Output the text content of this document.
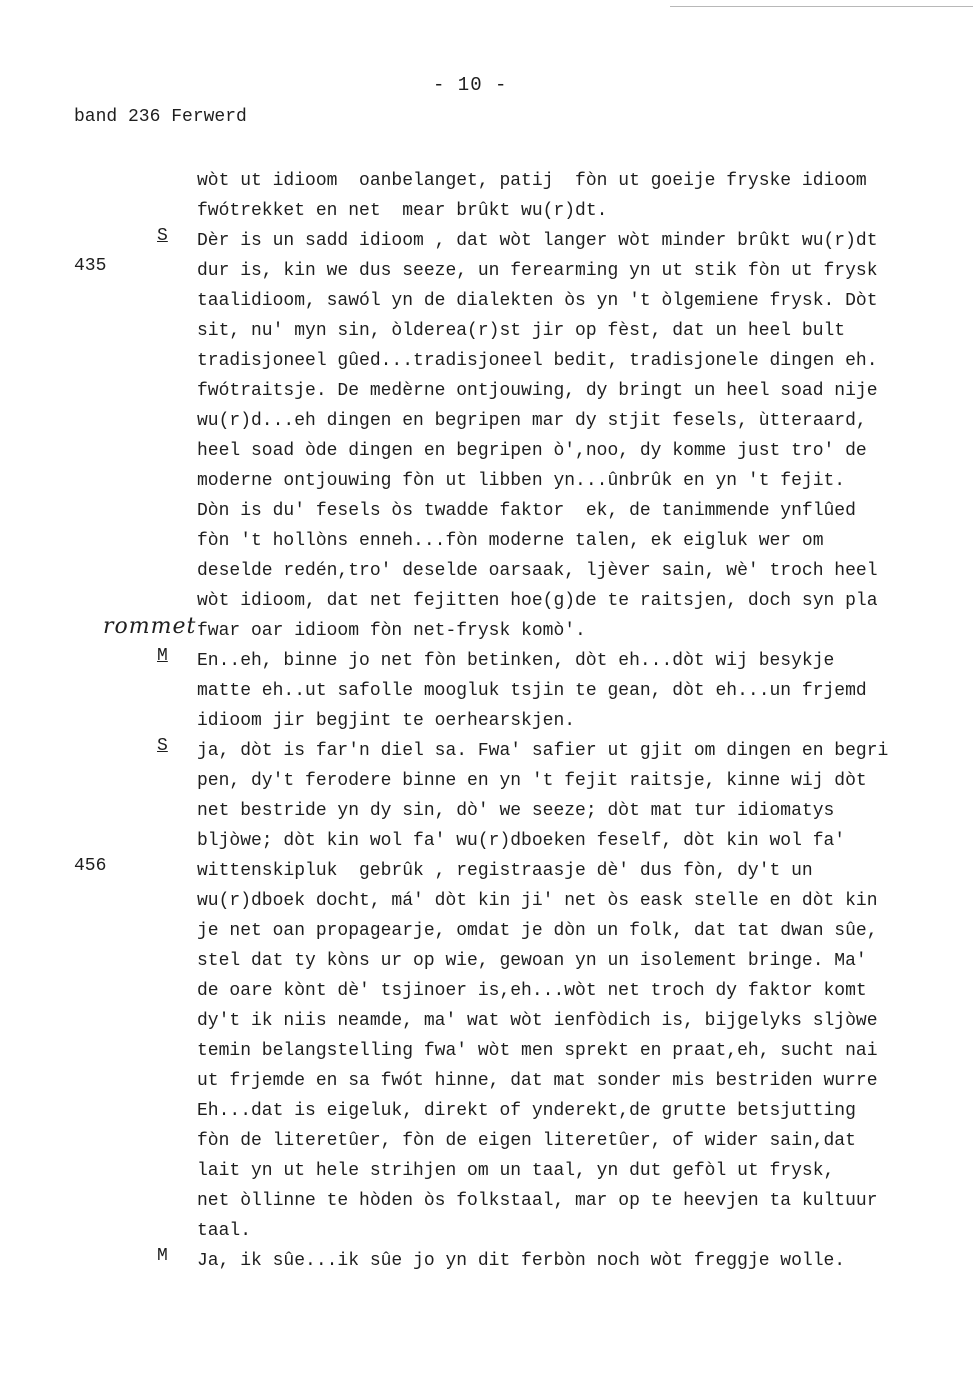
- 10 -
band 236 Ferwerd
wòt ut idioom  oanbelanget, patij  fòn ut goeije fryske idioom
fwótrekket en net  mear brûkt wu(r)dt.
S	Dèr is un sadd idioom , dat wòt langer wòt minder brûkt wu(r)dt
435	dur is, kin we dus seeze, un ferearming yn ut stik fòn ut frysk
taalidioom, sawól yn de dialekten òs yn 't òlgemiene frysk. Dòt
sit, nu' myn sin, òlderea(r)st jir op fèst, dat un heel bult
tradisjoneel gûed...tradisjoneel bedit, tradisjonele dingen eh.
fwótraitsje. De medèrne ontjouwing, dy bringt un heel soad nije
wu(r)d...eh dingen en begripen mar dy stjit fesels, ùtteraard,
heel soad òde dingen en begripen ò',noo, dy komme just tro' de
moderne ontjouwing fòn ut libben yn...ûnbrûk en yn 't fejit.
Dòn is du' fesels òs twadde faktor  ek, de tanimmende ynflûed
fòn 't hollòns enneh...fòn moderne talen, ek eigluk wer om
deselde redén,tro' deselde oarsaak, ljèver sain, wè' troch heel
wòt idioom, dat net fejitten hoe(g)de te raitsjen, doch syn pla
rommet fwar oar idioom fòn net-frysk komò'.
M	En..eh, binne jo net fòn betinken, dòt eh...dòt wij besykje
matte eh..ut safolle moogluk tsjin te gean, dòt eh...un frjemd
idioom jir begjint te oerhearskjen.
S	ja, dòt is far'n diel sa. Fwa' safier ut gjit om dingen en begri
pen, dy't ferodere binne en yn 't fejit raitsje, kinne wij dòt
net bestride yn dy sin, dò' we seeze; dòt mat tur idiomatys
bljòwe; dòt kin wol fa' wu(r)dboeken feself, dòt kin wol fa'
456	wittenskipluk  gebrûk , registraasje dè' dus fòn, dy't un
wu(r)dboek docht, má' dòt kin ji' net òs eask stelle en dòt kin
je net oan propagearje, omdat je dòn un folk, dat tat dwan sûe,
stel dat ty kòns ur op wie, gewoan yn un isolement bringe. Ma'
de oare kònt dè' tsjinoer is,eh...wòt net troch dy faktor komt
dy't ik niis neamde, ma' wat wòt ienfòdich is, bijgelyks sljòwe
temin belangstelling fwa' wòt men sprekt en praat,eh, sucht nai
ut frjemde en sa fwót hinne, dat mat sonder mis bestriden wurre
Eh...dat is eigeluk, direkt of ynderekt,de grutte betsjutting
fòn de literetûer, fòn de eigen literetûer, of wider sain,dat
lait yn ut hele strihjen om un taal, yn dut gefòl ut frysk,
net òllinne te hòden òs folkstaal, mar op te heevjen ta kultuur
taal.
M	Ja, ik sûe...ik sûe jo yn dit ferbòn noch wòt freggje wolle.
